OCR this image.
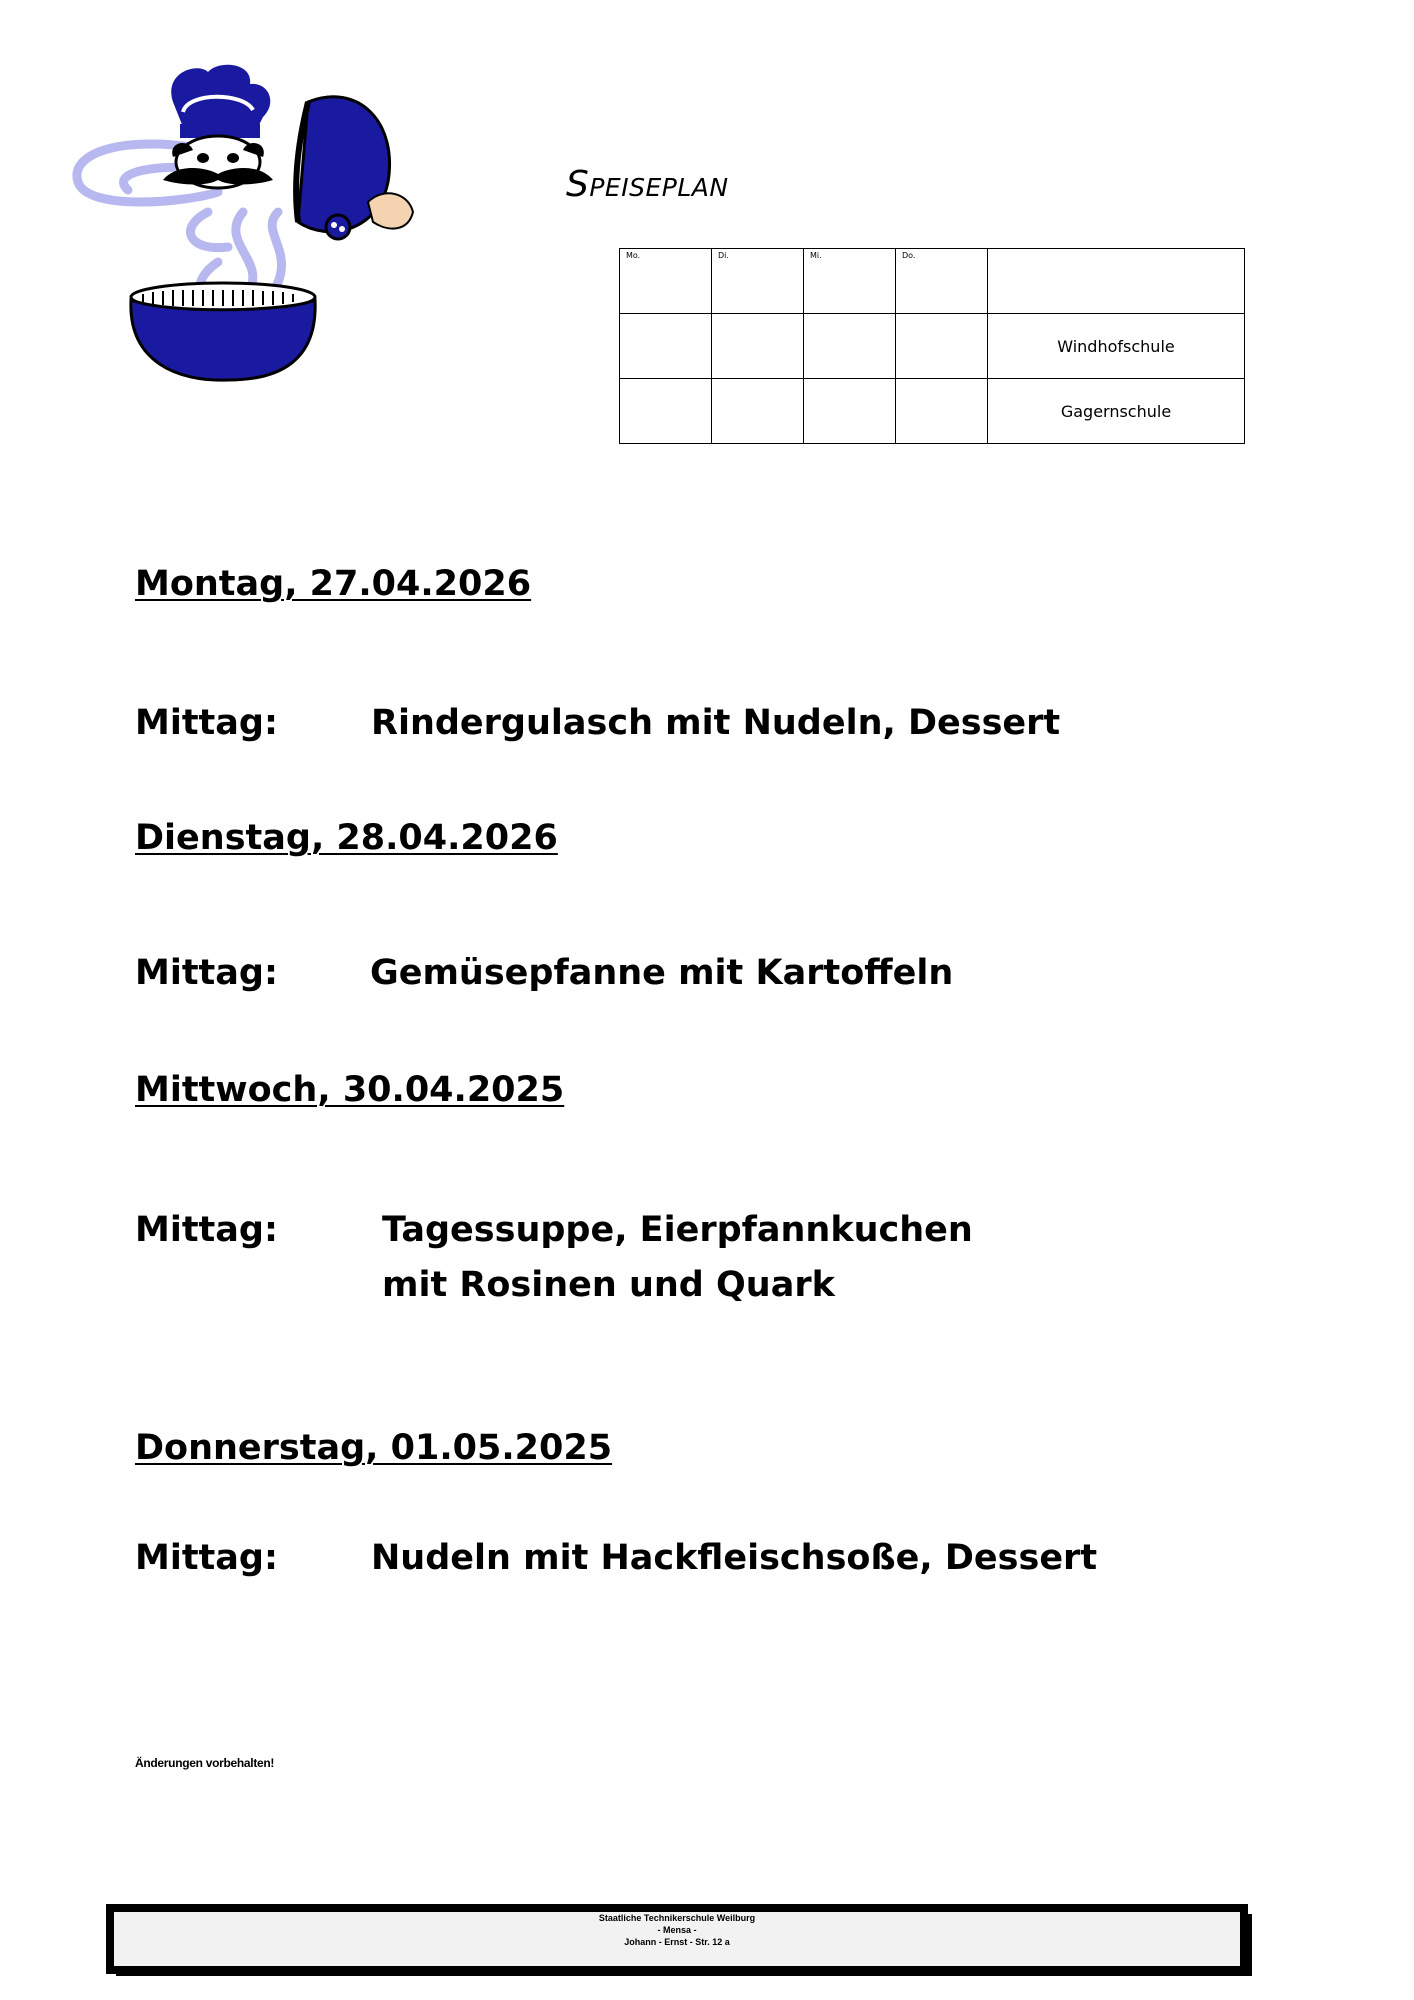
Speiseplan
Mo.	Di.	Mi.	Do.	

				Windhofschule
				Gagernschule
Montag, 27.04.2026
Mittag:	Rindergulasch mit Nudeln, Dessert
Dienstag, 28.04.2026
Mittag:	Gemüsepfanne mit Kartoffeln
Mittwoch, 30.04.2025
Mittag:	Tagessuppe, Eierpfannkuchen
mit Rosinen und Quark
Donnerstag, 01.05.2025
Mittag:	Nudeln mit Hackfleischsoße, Dessert
Änderungen vorbehalten!
Staatliche Technikerschule Weilburg
- Mensa -
Johann - Ernst - Str. 12 a
